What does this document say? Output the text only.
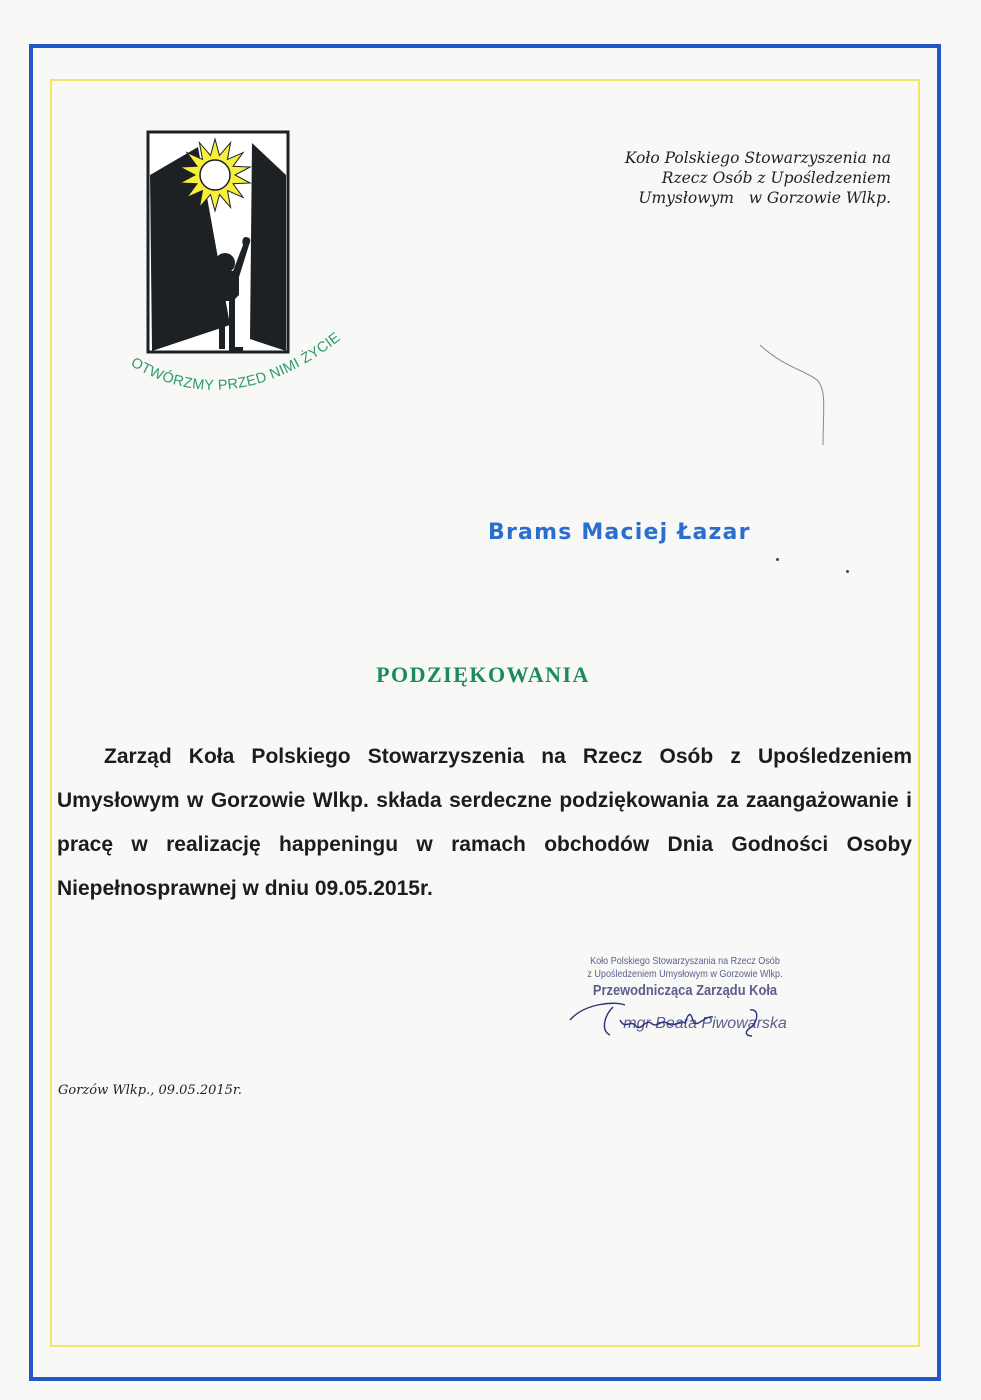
Koło Polskiego Stowarzyszenia na
Rzecz Osób z Upośledzeniem
Umysłowym   w Gorzowie Wlkp.
OTWÓRZMY PRZED NIMI ŻYCIE
Brams Maciej Łazar
PODZIĘKOWANIA
Zarząd Koła Polskiego Stowarzyszenia na Rzecz Osób z Upośledzeniem Umysłowym w Gorzowie Wlkp. składa serdeczne podziękowania za zaangażowanie i pracę w realizację happeningu w ramach obchodów Dnia Godności Osoby Niepełnosprawnej w dniu 09.05.2015r.
Koło Polskiego Stowarzyszania na Rzecz Osób
z Upośledzeniem Umysłowym w Gorzowie Wlkp.
Przewodnicząca Zarządu Koła
mgr Beata Piwowarska
Gorzów Wlkp., 09.05.2015r.
